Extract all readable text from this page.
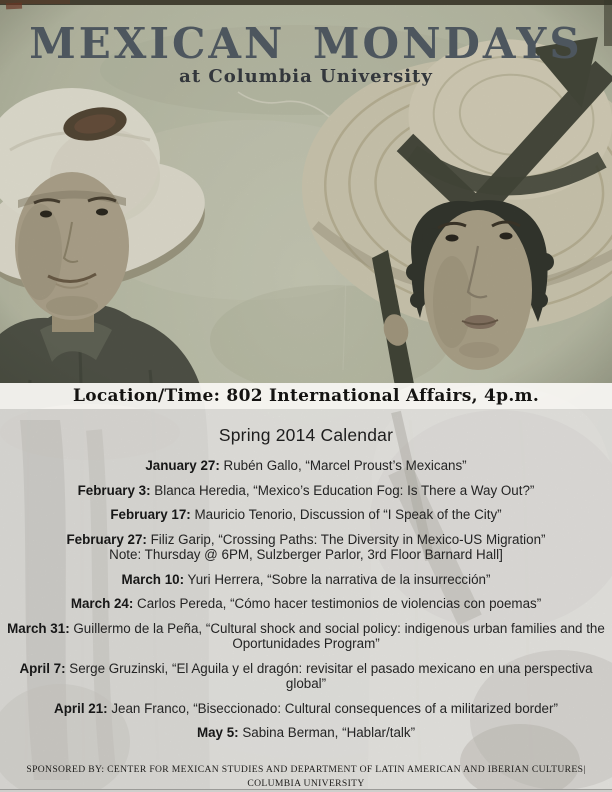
MEXICAN MONDAYS
at Columbia University
Location/Time: 802 International Affairs, 4p.m.
Spring 2014 Calendar
January 27: Rubén Gallo, “Marcel Proust’s Mexicans”
February 3: Blanca Heredia, “Mexico’s Education Fog: Is There a Way Out?”
February 17: Mauricio Tenorio, Discussion of “I Speak of the City”
February 27: Filiz Garip, “Crossing Paths: The Diversity in Mexico-US Migration”
Note: Thursday @ 6PM, Sulzberger Parlor, 3rd Floor Barnard Hall]
March 10: Yuri Herrera, “Sobre la narrativa de la insurrección”
March 24: Carlos Pereda, “Cómo hacer testimonios de violencias con poemas”
March 31: Guillermo de la Peña, “Cultural shock and social policy: indigenous urban families and the Oportunidades Program”
April 7: Serge Gruzinski, “El Aguila y el dragón: revisitar el pasado mexicano en una perspectiva global”
April 21: Jean Franco, “Biseccionado: Cultural consequences of a militarized border”
May 5: Sabina Berman, “Hablar/talk”
SPONSORED BY: CENTER FOR MEXICAN STUDIES AND DEPARTMENT OF LATIN AMERICAN AND IBERIAN CULTURES| COLUMBIA UNIVERSITY
